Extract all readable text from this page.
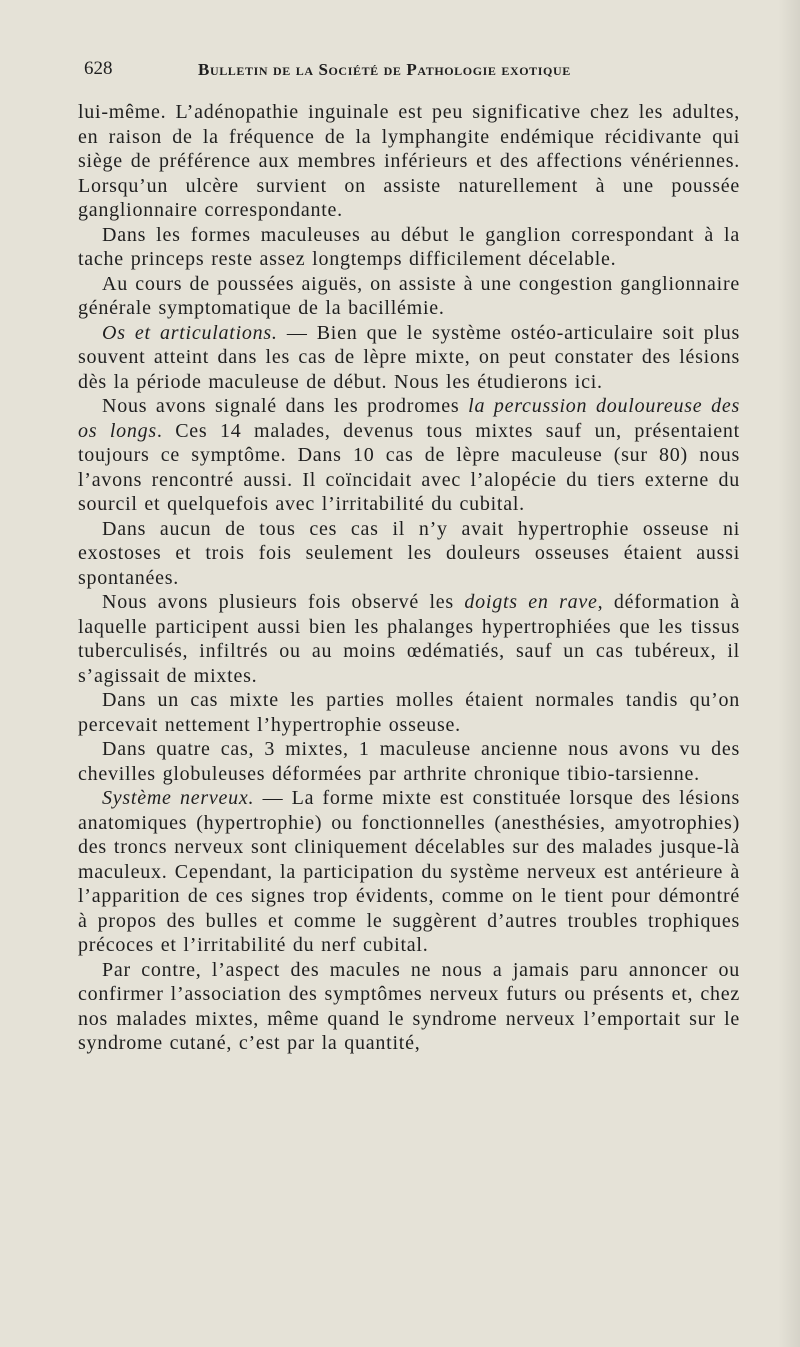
628	Bulletin de la Société de Pathologie exotique

lui-même. L’adénopathie inguinale est peu significative chez les adultes, en raison de la fréquence de la lymphangite endémique récidivante qui siège de préférence aux membres inférieurs et des affections vénériennes. Lorsqu’un ulcère survient on assiste naturellement à une poussée ganglionnaire correspondante.

Dans les formes maculeuses au début le ganglion correspondant à la tache princeps reste assez longtemps difficilement décelable.

Au cours de poussées aiguës, on assiste à une congestion ganglionnaire générale symptomatique de la bacillémie.

Os et articulations. — Bien que le système ostéo-articulaire soit plus souvent atteint dans les cas de lèpre mixte, on peut constater des lésions dès la période maculeuse de début. Nous les étudierons ici.

Nous avons signalé dans les prodromes la percussion douloureuse des os longs. Ces 14 malades, devenus tous mixtes sauf un, présentaient toujours ce symptôme. Dans 10 cas de lèpre maculeuse (sur 80) nous l’avons rencontré aussi. Il coïncidait avec l’alopécie du tiers externe du sourcil et quelquefois avec l’irritabilité du cubital.

Dans aucun de tous ces cas il n’y avait hypertrophie osseuse ni exostoses et trois fois seulement les douleurs osseuses étaient aussi spontanées.

Nous avons plusieurs fois observé les doigts en rave, déformation à laquelle participent aussi bien les phalanges hypertrophiées que les tissus tuberculisés, infiltrés ou au moins œdématiés, sauf un cas tubéreux, il s’agissait de mixtes.

Dans un cas mixte les parties molles étaient normales tandis qu’on percevait nettement l’hypertrophie osseuse.

Dans quatre cas, 3 mixtes, 1 maculeuse ancienne nous avons vu des chevilles globuleuses déformées par arthrite chronique tibio-tarsienne.

Système nerveux. — La forme mixte est constituée lorsque des lésions anatomiques (hypertrophie) ou fonctionnelles (anesthésies, amyotrophies) des troncs nerveux sont cliniquement décelables sur des malades jusque-là maculeux. Cependant, la participation du système nerveux est antérieure à l’apparition de ces signes trop évidents, comme on le tient pour démontré à propos des bulles et comme le suggèrent d’autres troubles trophiques précoces et l’irritabilité du nerf cubital.

Par contre, l’aspect des macules ne nous a jamais paru annoncer ou confirmer l’association des symptômes nerveux futurs ou présents et, chez nos malades mixtes, même quand le syndrome nerveux l’emportait sur le syndrome cutané, c’est par la quantité,
